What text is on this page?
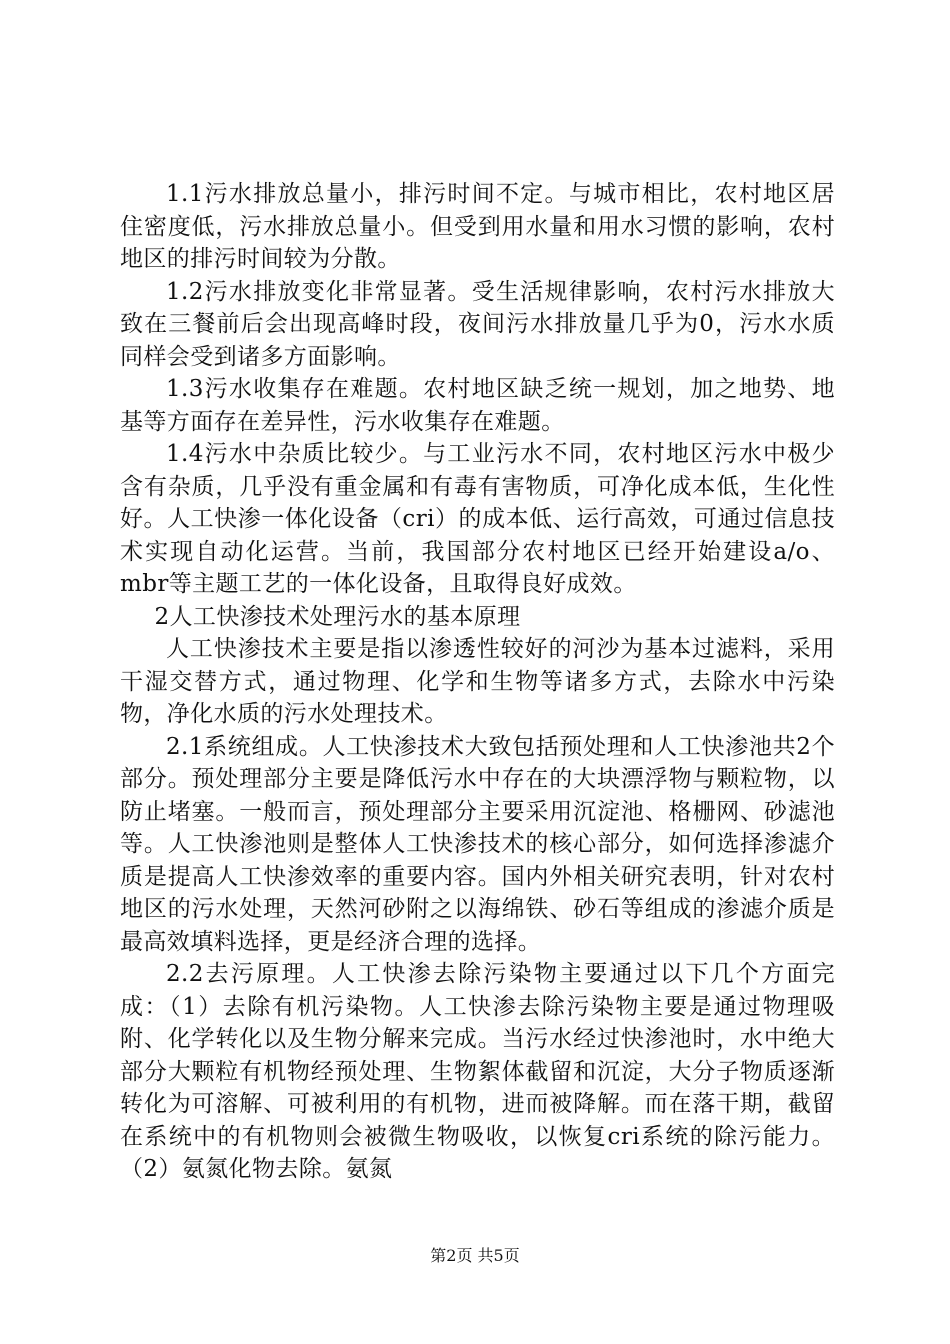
1.1污水排放总量小，排污时间不定。与城市相比，农村地区居住密度低，污水排放总量小。但受到用水量和用水习惯的影响，农村地区的排污时间较为分散。

1.2污水排放变化非常显著。受生活规律影响，农村污水排放大致在三餐前后会出现高峰时段，夜间污水排放量几乎为0，污水水质同样会受到诸多方面影响。

1.3污水收集存在难题。农村地区缺乏统一规划，加之地势、地基等方面存在差异性，污水收集存在难题。

1.4污水中杂质比较少。与工业污水不同，农村地区污水中极少含有杂质，几乎没有重金属和有毒有害物质，可净化成本低，生化性好。人工快渗一体化设备（cri）的成本低、运行高效，可通过信息技术实现自动化运营。当前，我国部分农村地区已经开始建设a/o、mbr等主题工艺的一体化设备，且取得良好成效。

2人工快渗技术处理污水的基本原理

人工快渗技术主要是指以渗透性较好的河沙为基本过滤料，采用干湿交替方式，通过物理、化学和生物等诸多方式，去除水中污染物，净化水质的污水处理技术。

2.1系统组成。人工快渗技术大致包括预处理和人工快渗池共2个部分。预处理部分主要是降低污水中存在的大块漂浮物与颗粒物，以防止堵塞。一般而言，预处理部分主要采用沉淀池、格栅网、砂滤池等。人工快渗池则是整体人工快渗技术的核心部分，如何选择渗滤介质是提高人工快渗效率的重要内容。国内外相关研究表明，针对农村地区的污水处理，天然河砂附之以海绵铁、砂石等组成的渗滤介质是最高效填料选择，更是经济合理的选择。

2.2去污原理。人工快渗去除污染物主要通过以下几个方面完成：（1）去除有机污染物。人工快渗去除污染物主要是通过物理吸附、化学转化以及生物分解来完成。当污水经过快渗池时，水中绝大部分大颗粒有机物经预处理、生物絮体截留和沉淀，大分子物质逐渐转化为可溶解、可被利用的有机物，进而被降解。而在落干期，截留在系统中的有机物则会被微生物吸收，以恢复cri系统的除污能力。（2）氨氮化物去除。氨氮

第2页 共5页
